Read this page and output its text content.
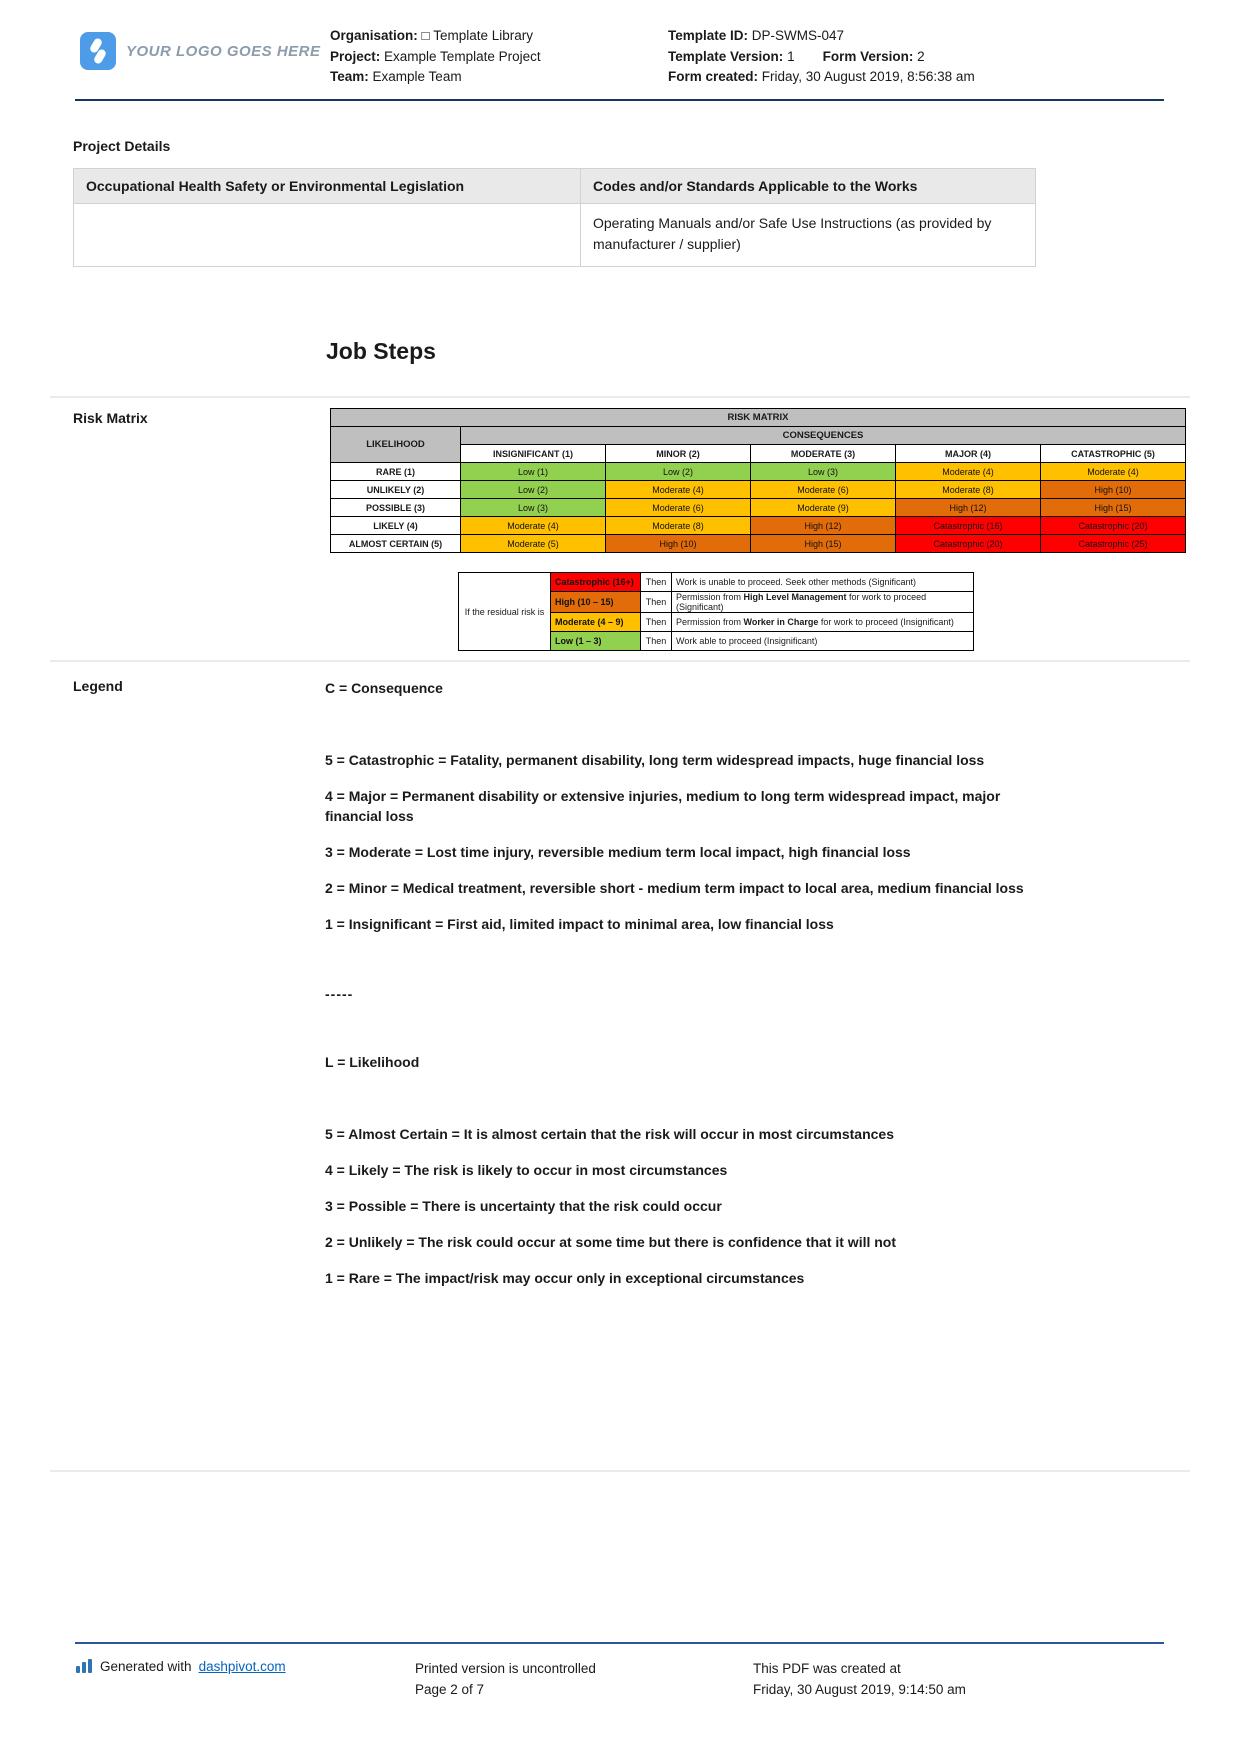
YOUR LOGO GOES HERE
Organisation: □ Template Library
Project: Example Template Project
Team: Example Team
Template ID: DP-SWMS-047
Template Version: 1 Form Version: 2
Form created: Friday, 30 August 2019, 8:56:38 am
Project Details
Occupational Health Safety or Environmental Legislation	Codes and/or Standards Applicable to the Works

	Operating Manuals and/or Safe Use Instructions (as provided by manufacturer / supplier)
Job Steps
Risk Matrix	RISK MATRIX					
LIKELIHOOD	CONSEQUENCES				
	INSIGNIFICANT (1)	MINOR (2)	MODERATE (3)	MAJOR (4)	CATASTROPHIC (5)
RARE (1)	Low (1)	Low (2)	Low (3)	Moderate (4)	Moderate (4)
UNLIKELY (2)	Low (2)	Moderate (4)	Moderate (6)	Moderate (8)	High (10)
POSSIBLE (3)	Low (3)	Moderate (6)	Moderate (9)	High (12)	High (15)
LIKELY (4)	Moderate (4)	Moderate (8)	High (12)	Catastrophic (16)	Catastrophic (20)
ALMOST CERTAIN (5)	Moderate (5)	High (10)	High (15)	Catastrophic (20)	Catastrophic (25)
If the residual risk is	Catastrophic (16+)	Then	Work is unable to proceed. Seek other methods (Significant)
	High (10 – 15)	Then	Permission from High Level Management for work to proceed (Significant)
	Moderate (4 – 9)	Then	Permission from Worker in Charge for work to proceed (Insignificant)
	Low (1 – 3)	Then	Work able to proceed (Insignificant)
Legend	C = Consequence
5 = Catastrophic = Fatality, permanent disability, long term widespread impacts, huge financial loss
4 = Major = Permanent disability or extensive injuries, medium to long term widespread impact, major financial loss
3 = Moderate = Lost time injury, reversible medium term local impact, high financial loss
2 = Minor = Medical treatment, reversible short - medium term impact to local area, medium financial loss
1 = Insignificant = First aid, limited impact to minimal area, low financial loss
-----
L = Likelihood
5 = Almost Certain = It is almost certain that the risk will occur in most circumstances
4 = Likely = The risk is likely to occur in most circumstances
3 = Possible = There is uncertainty that the risk could occur
2 = Unlikely = The risk could occur at some time but there is confidence that it will not
1 = Rare = The impact/risk may occur only in exceptional circumstances
Generated with dashpivot.com	Printed version is uncontrolled
Page 2 of 7
This PDF was created at
Friday, 30 August 2019, 9:14:50 am
